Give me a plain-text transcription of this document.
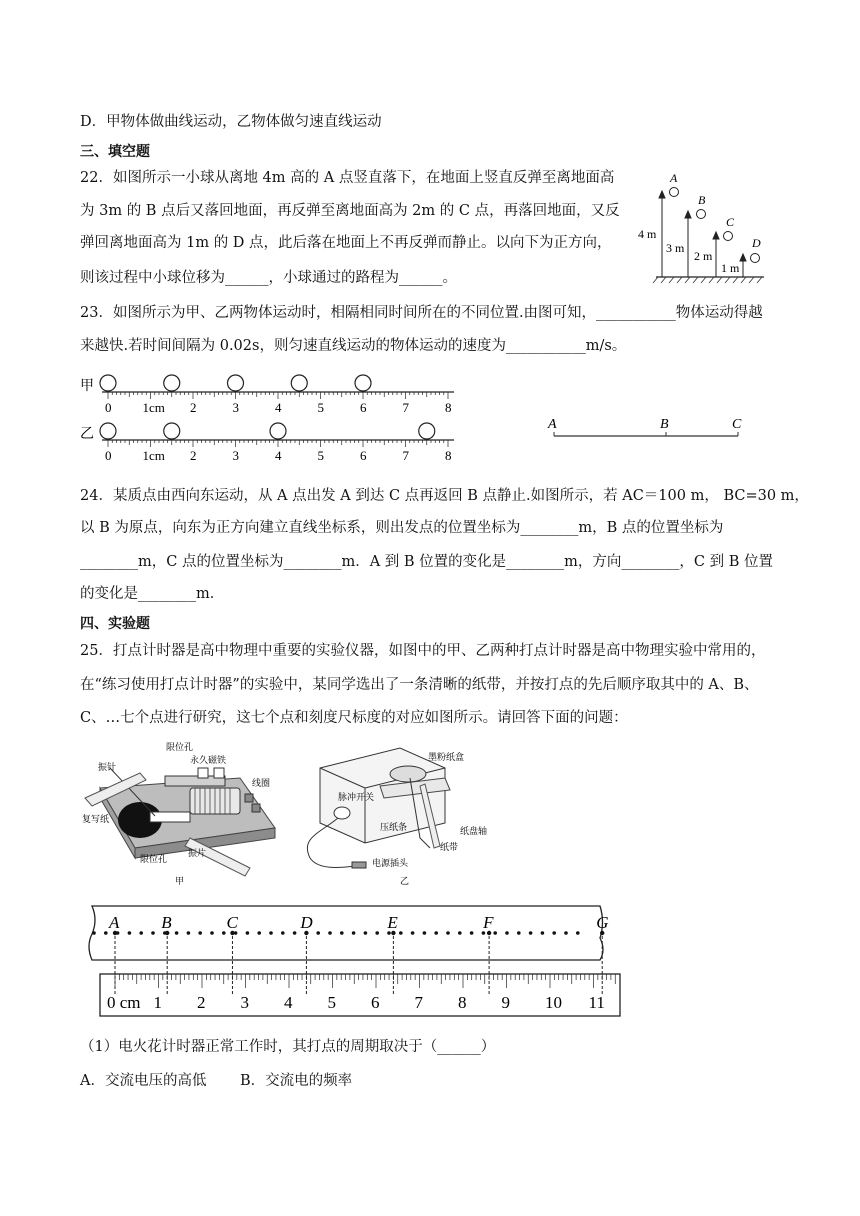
D．甲物体做曲线运动，乙物体做匀速直线运动
三、填空题
22．如图所示一小球从离地 4m 高的 A 点竖直落下，在地面上竖直反弹至离地面高
为 3m 的 B 点后又落回地面，再反弹至离地面高为 2m 的 C 点，再落回地面，又反
弹回离地面高为 1m 的 D 点，此后落在地面上不再反弹而静止。以向下为正方向，
则该过程中小球位移为______，小球通过的路程为______。
A
B
C
D
4 m
3 m
2 m
1 m
23．如图所示为甲、乙两物体运动时，相隔相同时间所在的不同位置.由图可知，___________物体运动得越
来越快.若时间间隔为 0.02s，则匀速直线运动的物体运动的速度为___________m/s。
甲
乙
0 1cm 2	3	4	5	6	7	8
0 1cm 2	3	4	5	6	7	8
A	B	C
24．某质点由西向东运动，从 A 点出发 A 到达 C 点再返回 B 点静止.如图所示，若 AC＝100 m， BC=30 m，
以 B 为原点，向东为正方向建立直线坐标系，则出发点的位置坐标为________m，B 点的位置坐标为
________m，C 点的位置坐标为________m．A 到 B 位置的变化是________m，方向________，C 到 B 位置
的变化是________m．
四、实验题
25．打点计时器是高中物理中重要的实验仪器，如图中的甲、乙两种打点计时器是高中物理实验中常用的，
在“练习使用打点计时器”的实验中，某同学选出了一条清晰的纸带，并按打点的先后顺序取其中的 A、B、
C、…七个点进行研究，这七个点和刻度尺标度的对应如图所示。请回答下面的问题：
限位孔
永久磁铁
振针
线圈
复写纸
限位孔
振片
甲
脉冲开关
墨粉纸盒
压纸条	纸盘轴
纸带
电源插头
乙
A B	C	D	E	F	G
0 cm 1 2 3 4 5 6 7 8 9 10 11
（1）电火花计时器正常工作时，其打点的周期取决于（______）
A．交流电压的高低 B．交流电的频率
